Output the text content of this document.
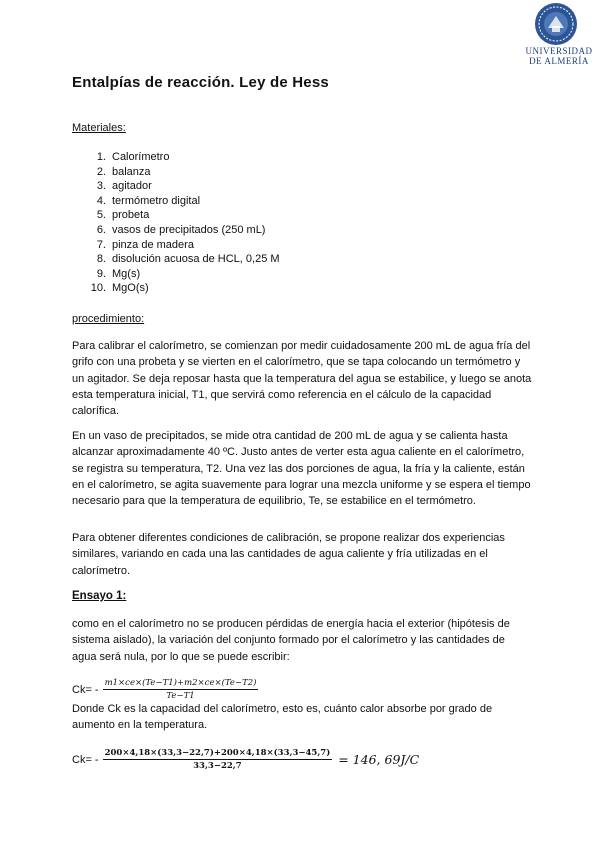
UNIVERSIDAD
DE ALMERÍA
Entalpías de reacción. Ley de Hess
Materiales:
1. Calorímetro
2. balanza
3. agitador
4. termómetro digital
5. probeta
6. vasos de precipitados (250 mL)
7. pinza de madera
8. disolución acuosa de HCL, 0,25 M
9. Mg(s)
10. MgO(s)
procedimiento:
Para calibrar el calorímetro, se comienzan por medir cuidadosamente 200 mL de agua fría del grifo con una probeta y se vierten en el calorímetro, que se tapa colocando un termómetro y un agitador. Se deja reposar hasta que la temperatura del agua se estabilice, y luego se anota esta temperatura inicial, T1, que servirá como referencia en el cálculo de la capacidad calorífica.
En un vaso de precipitados, se mide otra cantidad de 200 mL de agua y se calienta hasta alcanzar aproximadamente 40 ºC. Justo antes de verter esta agua caliente en el calorímetro, se registra su temperatura, T2. Una vez las dos porciones de agua, la fría y la caliente, están en el calorímetro, se agita suavemente para lograr una mezcla uniforme y se espera el tiempo necesario para que la temperatura de equilibrio, Te, se estabilice en el termómetro.
Para obtener diferentes condiciones de calibración, se propone realizar dos experiencias similares, variando en cada una las cantidades de agua caliente y fría utilizadas en el calorímetro.
Ensayo 1:
como en el calorímetro no se producen pérdidas de energía hacia el exterior (hipótesis de sistema aislado), la variación del conjunto formado por el calorímetro y las cantidades de agua será nula, por lo que se puede escribir:
$Ck= - \frac{m1\times ce\times(Te-T1)+m2\times ce\times(Te-T2)}{Te-T1}$
Donde Ck es la capacidad del calorímetro, esto es, cuánto calor absorbe por grado de aumento en la temperatura.
$Ck= - \frac{200\times 4,18\times(33,3-22,7)+200\times 4,18\times(33,3-45,7)}{33,3-22,7} = 146$, 69J/C
